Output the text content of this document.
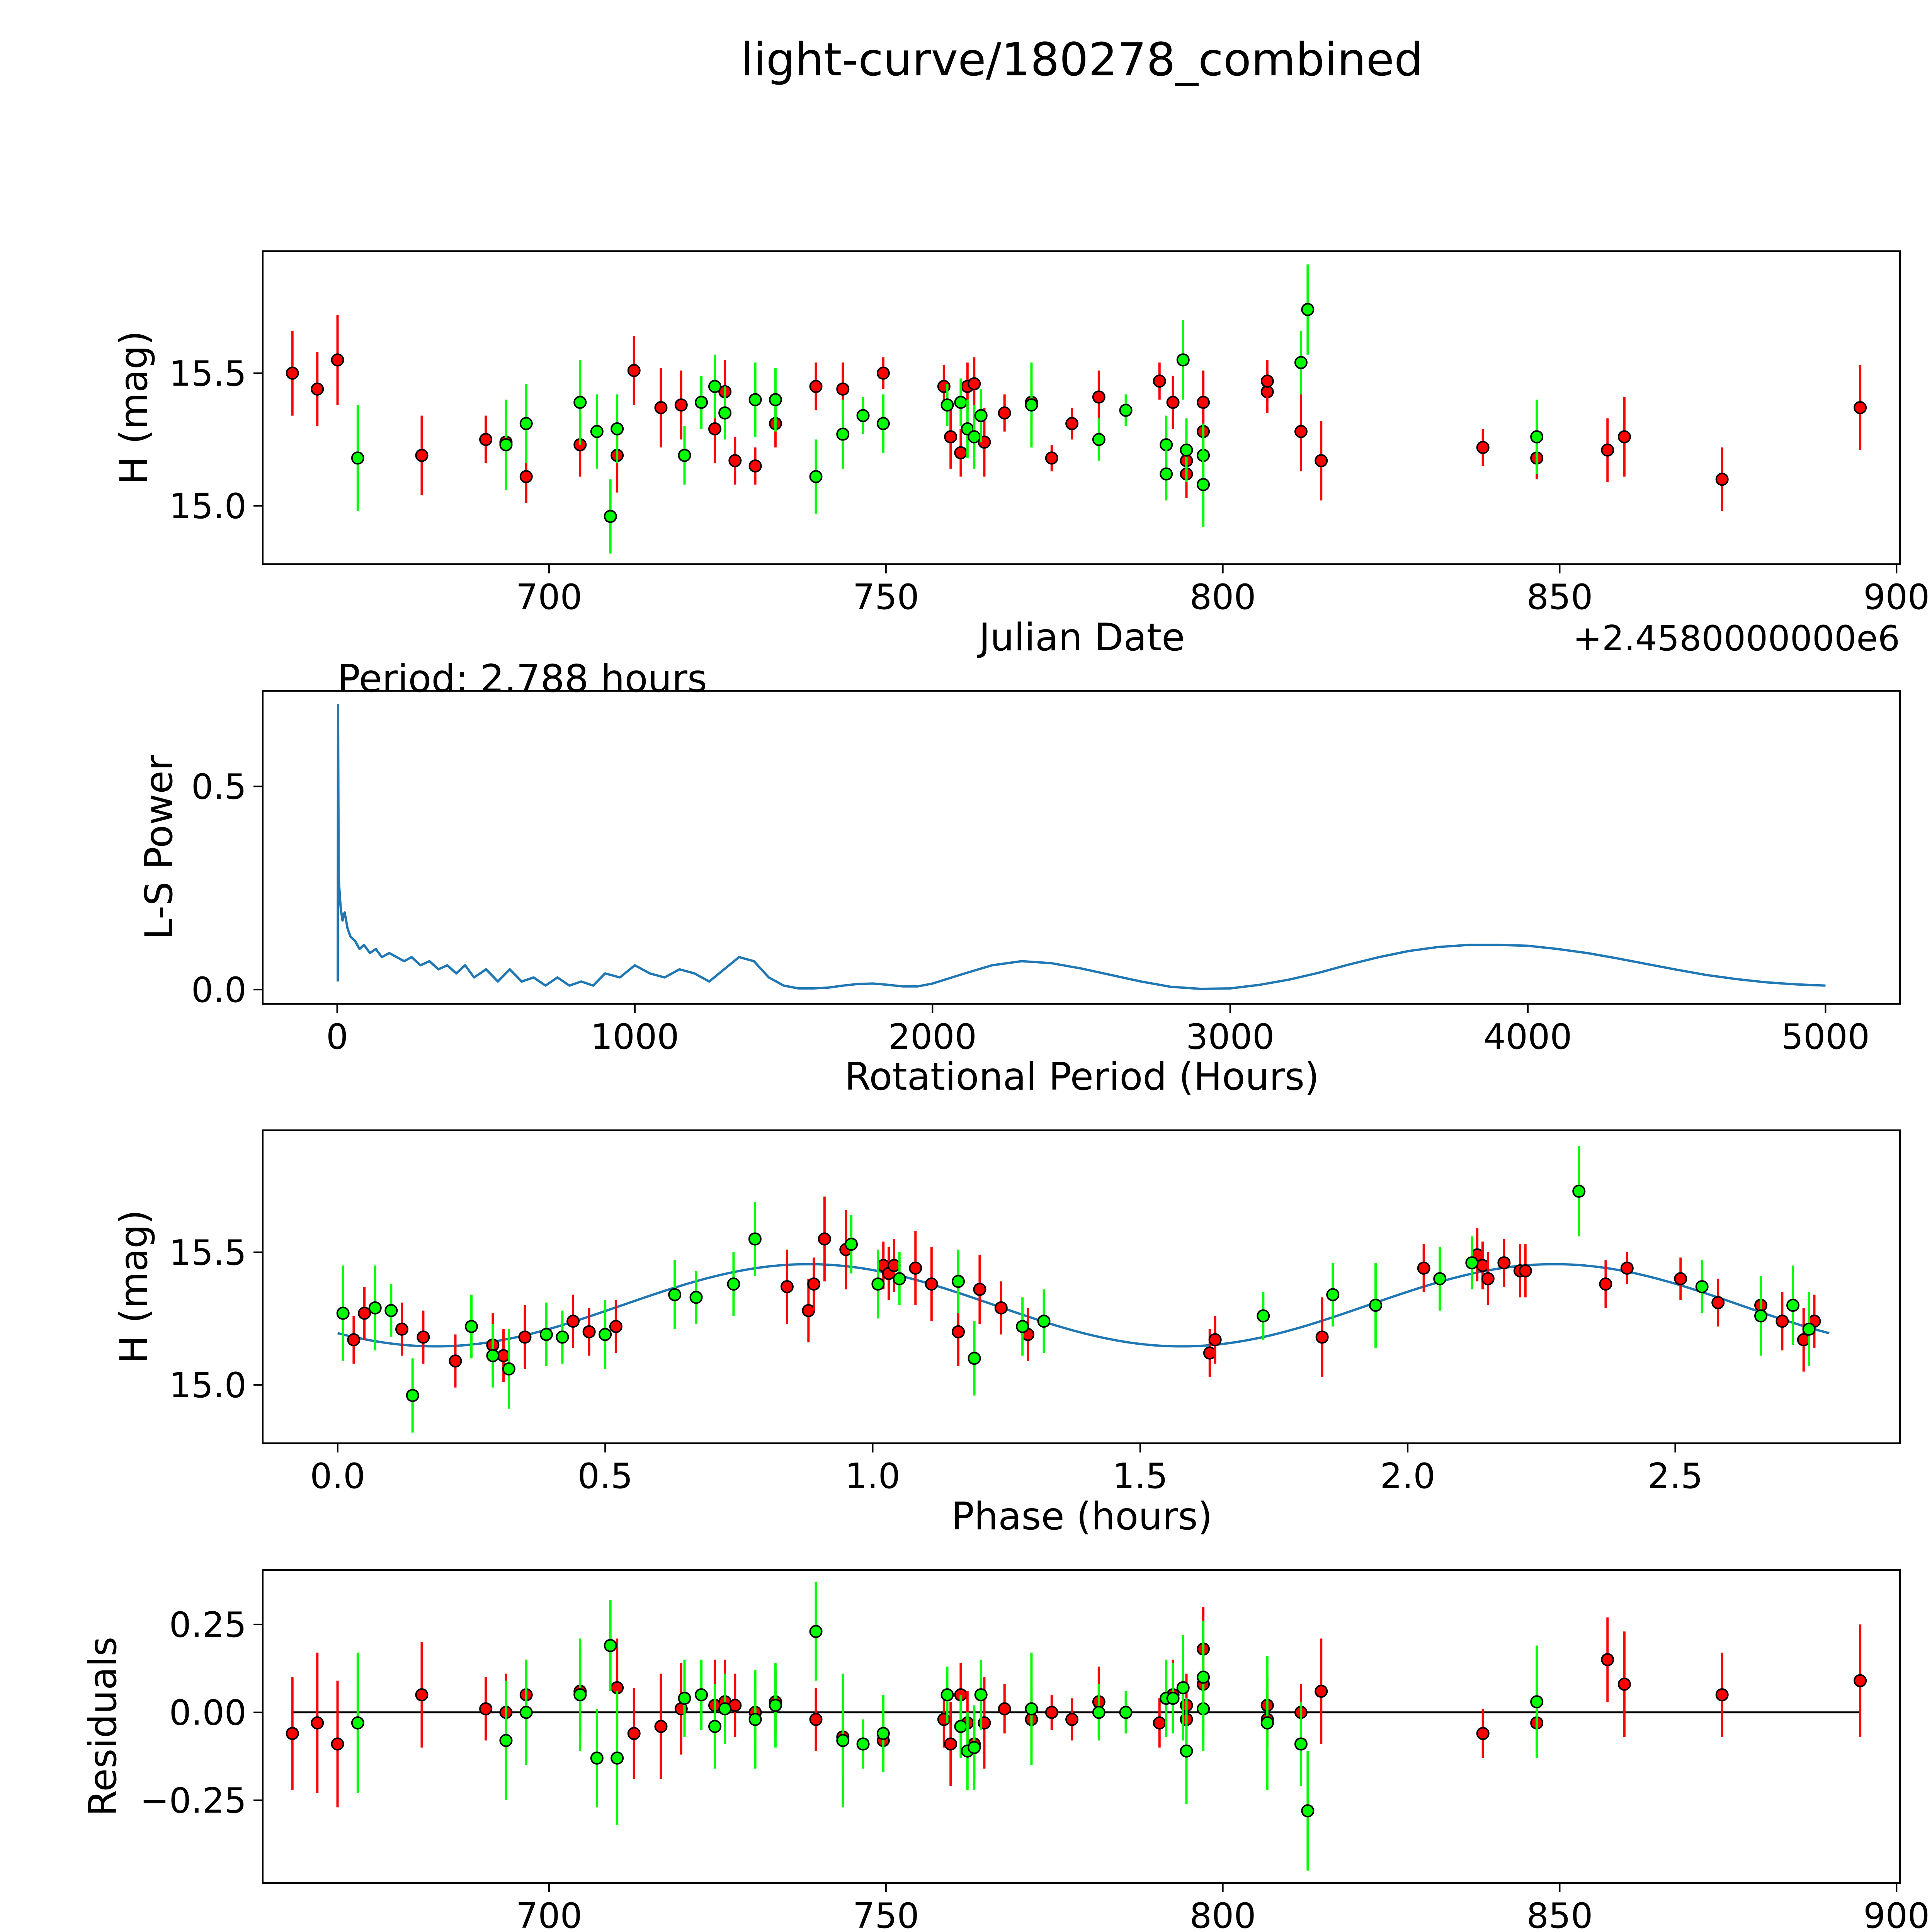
light-curve/180278_combined
Julian Date
H (mag)
+2.4580000000e6
700	750	800	850	900
15.0
15.5
Period: 2.788 hours
Rotational Period (Hours)
L-S Power
0	1000	2000	3000	4000	5000
0.0
0.5
Phase (hours)
H (mag)
0.0	0.5	1.0	1.5	2.0	2.5
15.0
15.5
Residuals
700	750	800	850	900
0.25
0.00
−0.25
